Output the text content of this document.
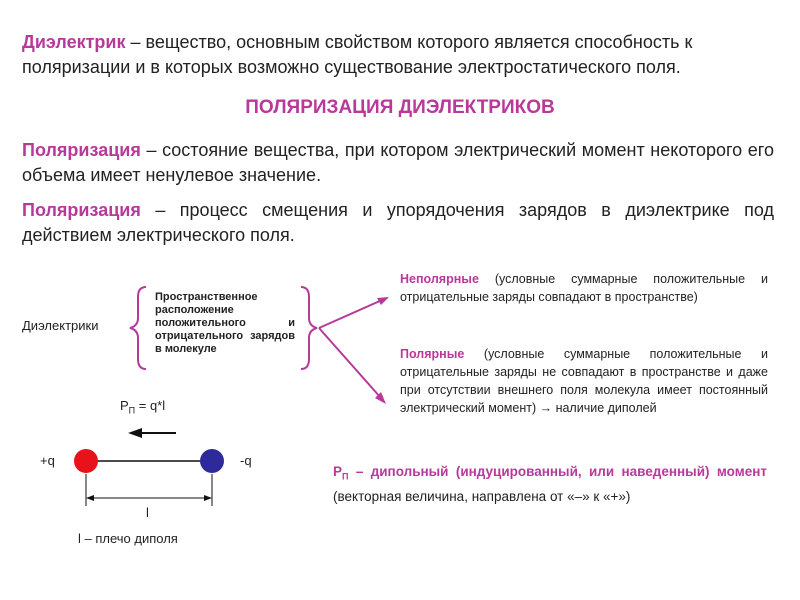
Диэлектрик – вещество, основным свойством которого является способность к поляризации и в которых возможно существование электростатического поля.
ПОЛЯРИЗАЦИЯ ДИЭЛЕКТРИКОВ
Поляризация – состояние вещества, при котором электрический момент некоторого его объема имеет ненулевое значение.
Поляризация – процесс смещения и упорядочения зарядов в диэлектрике под действием электрического поля.
Диэлектрики
Пространственное расположение положительного и отрицательного зарядов в молекуле
Неполярные (условные суммарные положительные и отрицательные заряды совпадают в пространстве)
Полярные (условные суммарные положительные и отрицательные заряды не совпадают в пространстве и даже при отсутствии внешнего поля молекула имеет постоянный электрический момент) → наличие диполей
$P_П = q*l$
+q	-q
l
l – плечо диполя
$P_П$ – дипольный (индуцированный, или наведенный) момент (векторная величина, направлена от «–» к «+»)
